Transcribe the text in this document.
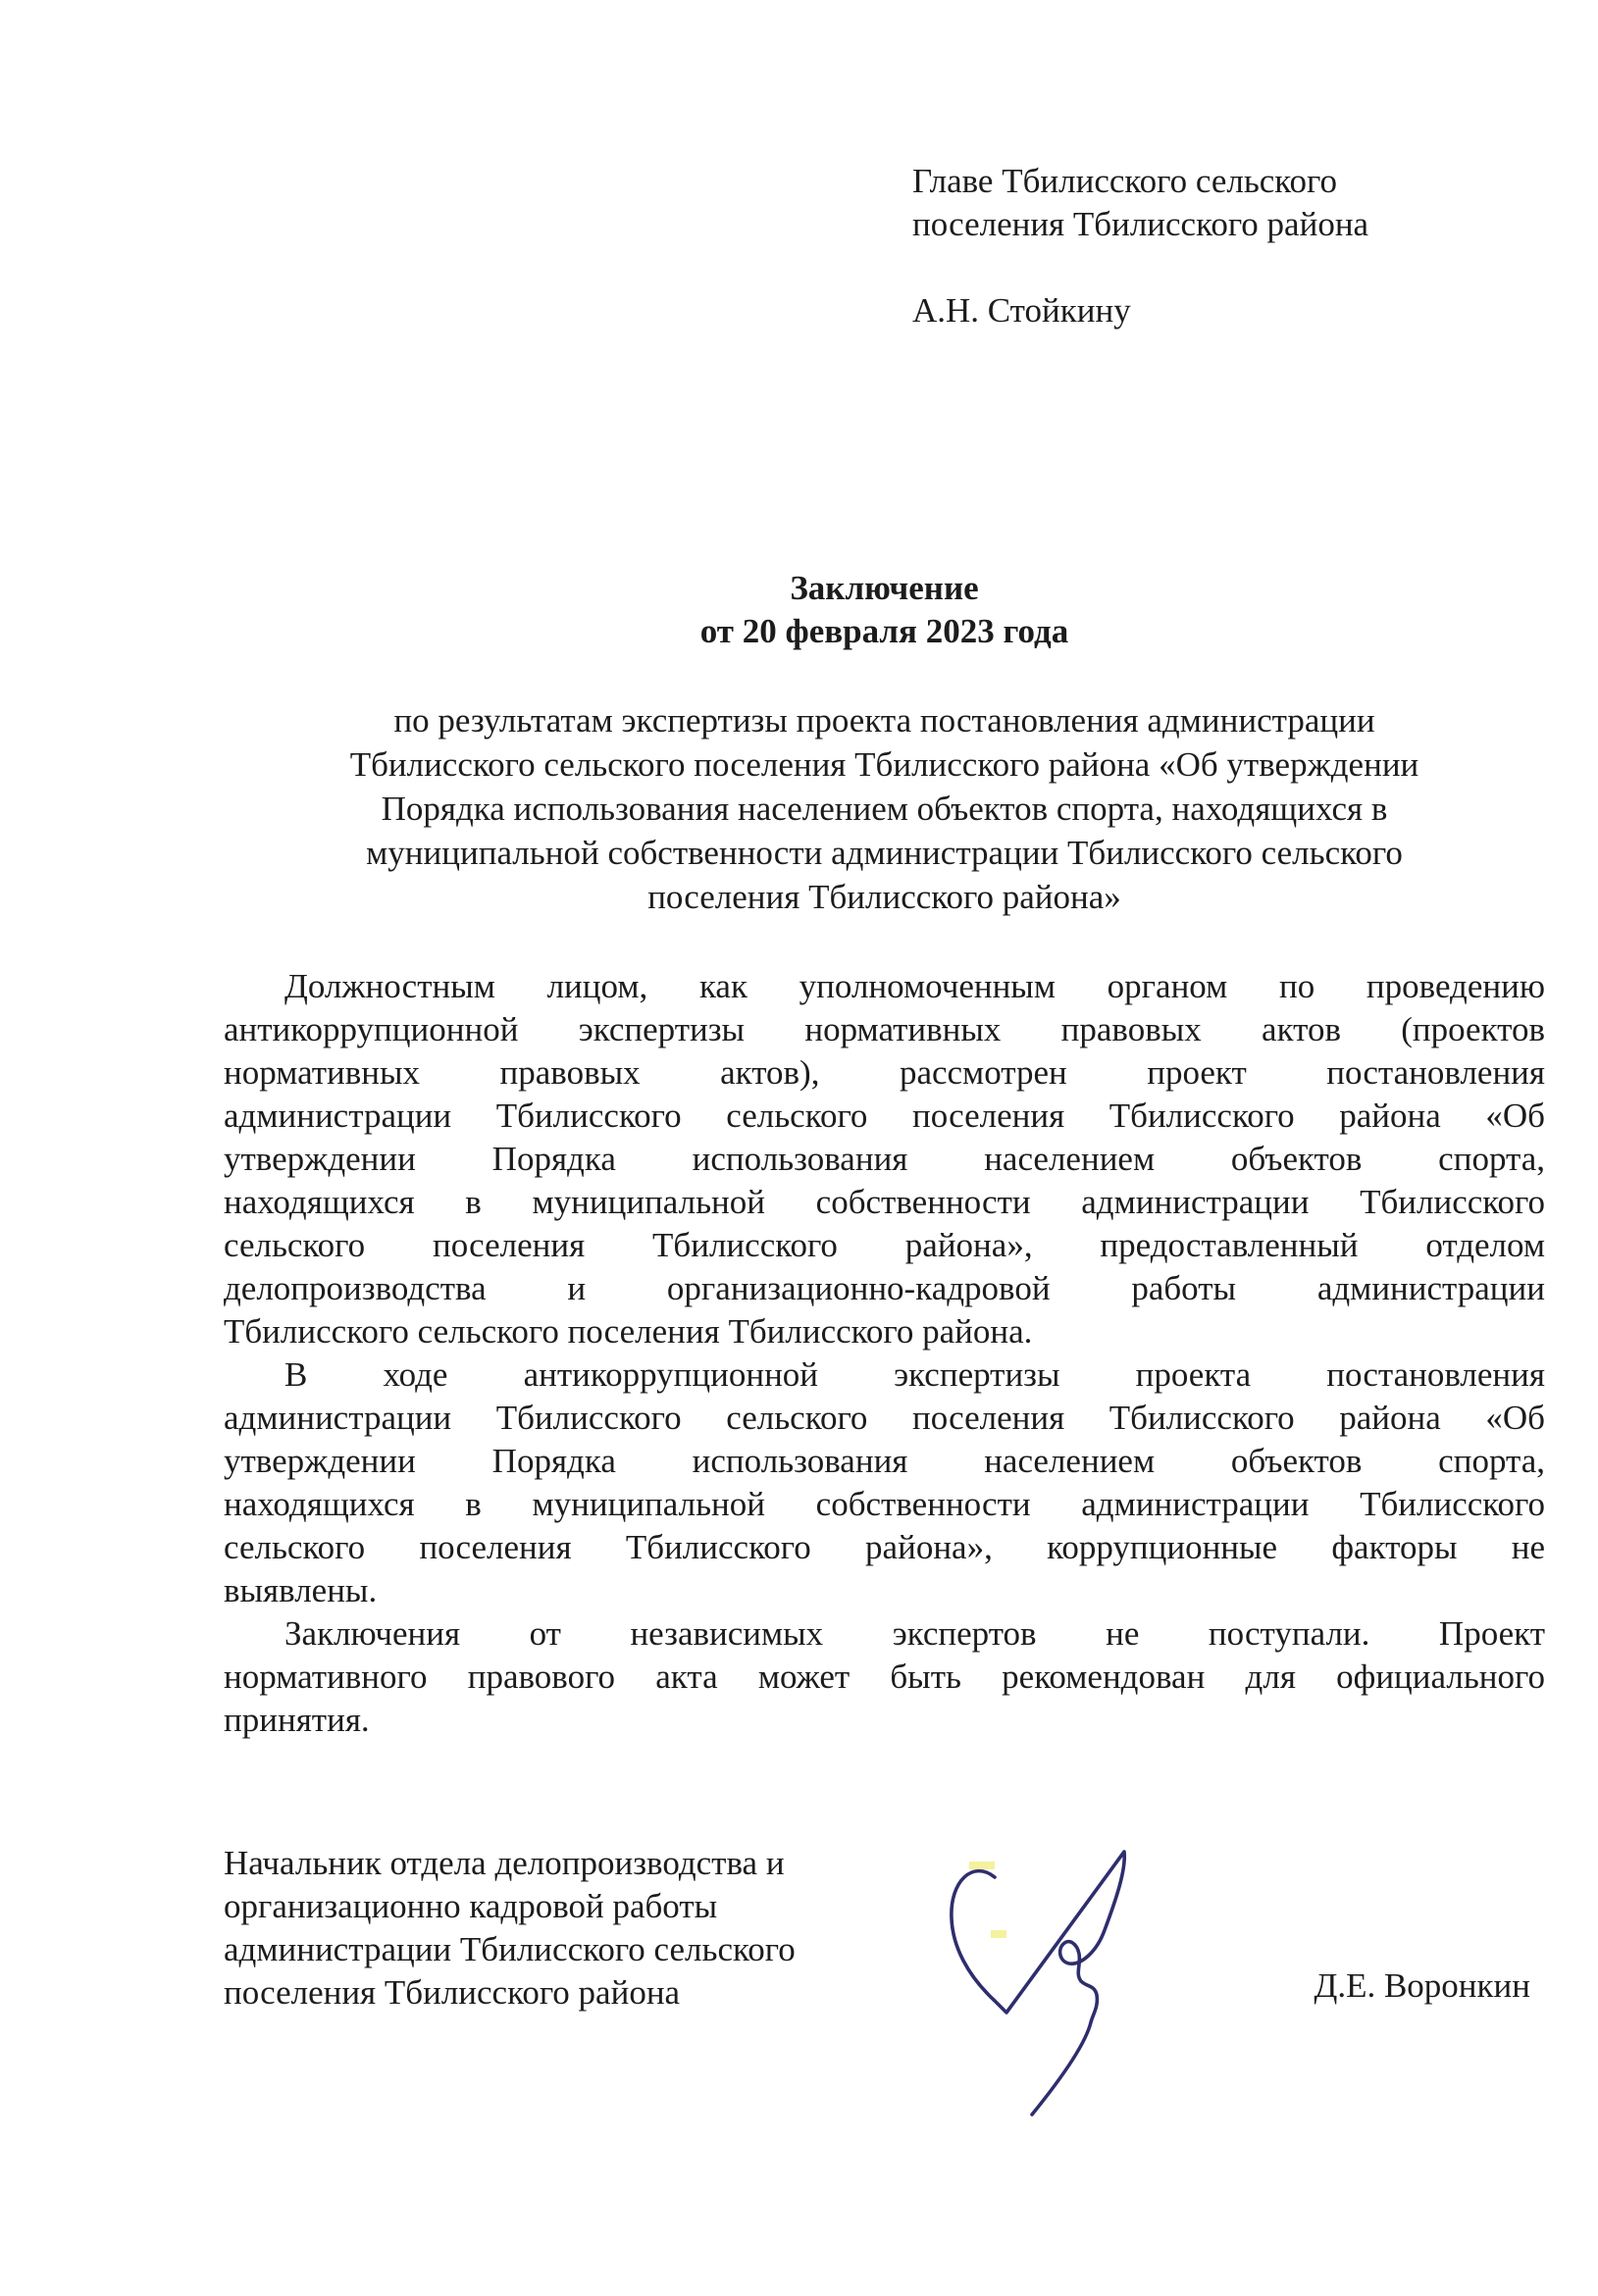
Главе Тбилисского сельского
поселения Тбилисского района
А.Н. Стойкину
Заключение
от 20 февраля 2023 года
по результатам экспертизы проекта постановления администрации
Тбилисского сельского поселения Тбилисского района «Об утверждении
Порядка использования населением объектов спорта, находящихся в
муниципальной собственности администрации Тбилисского сельского
поселения Тбилисского района»
Должностным лицом, как уполномоченным органом по проведению
антикоррупционной экспертизы нормативных правовых актов (проектов
нормативных правовых актов), рассмотрен проект постановления
администрации Тбилисского сельского поселения Тбилисского района «Об
утверждении Порядка использования населением объектов спорта,
находящихся в муниципальной собственности администрации Тбилисского
сельского поселения Тбилисского района», предоставленный отделом
делопроизводства и организационно-кадровой работы администрации
Тбилисского сельского поселения Тбилисского района.
В ходе антикоррупционной экспертизы проекта постановления
администрации Тбилисского сельского поселения Тбилисского района «Об
утверждении Порядка использования населением объектов спорта,
находящихся в муниципальной собственности администрации Тбилисского
сельского поселения Тбилисского района», коррупционные факторы не
выявлены.
Заключения от независимых экспертов не поступали. Проект
нормативного правового акта может быть рекомендован для официального
принятия.
Начальник отдела делопроизводства и
организационно кадровой работы
администрации Тбилисского сельского
поселения Тбилисского района	Д.Е. Воронкин
